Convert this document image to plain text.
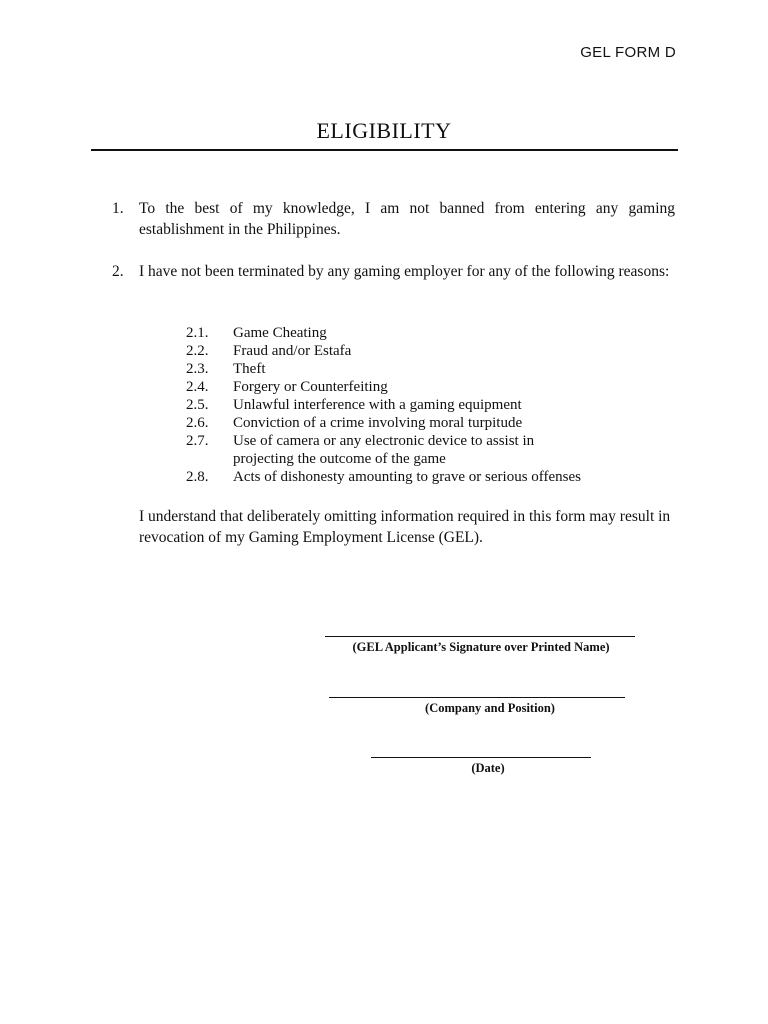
GEL FORM D
ELIGIBILITY
1. To the best of my knowledge, I am not banned from entering any gaming establishment in the Philippines.
2. I have not been terminated by any gaming employer for any of the following reasons:
2.1.	Game Cheating
2.2.	Fraud and/or Estafa
2.3.	Theft
2.4.	Forgery or Counterfeiting
2.5.	Unlawful interference with a gaming equipment
2.6.	Conviction of a crime involving moral turpitude
2.7.	Use of camera or any electronic device to assist in projecting the outcome of the game
2.8.	Acts of dishonesty amounting to grave or serious offenses
I understand that deliberately omitting information required in this form may result in revocation of my Gaming Employment License (GEL).
(GEL Applicant’s Signature over Printed Name)
(Company and Position)
(Date)
